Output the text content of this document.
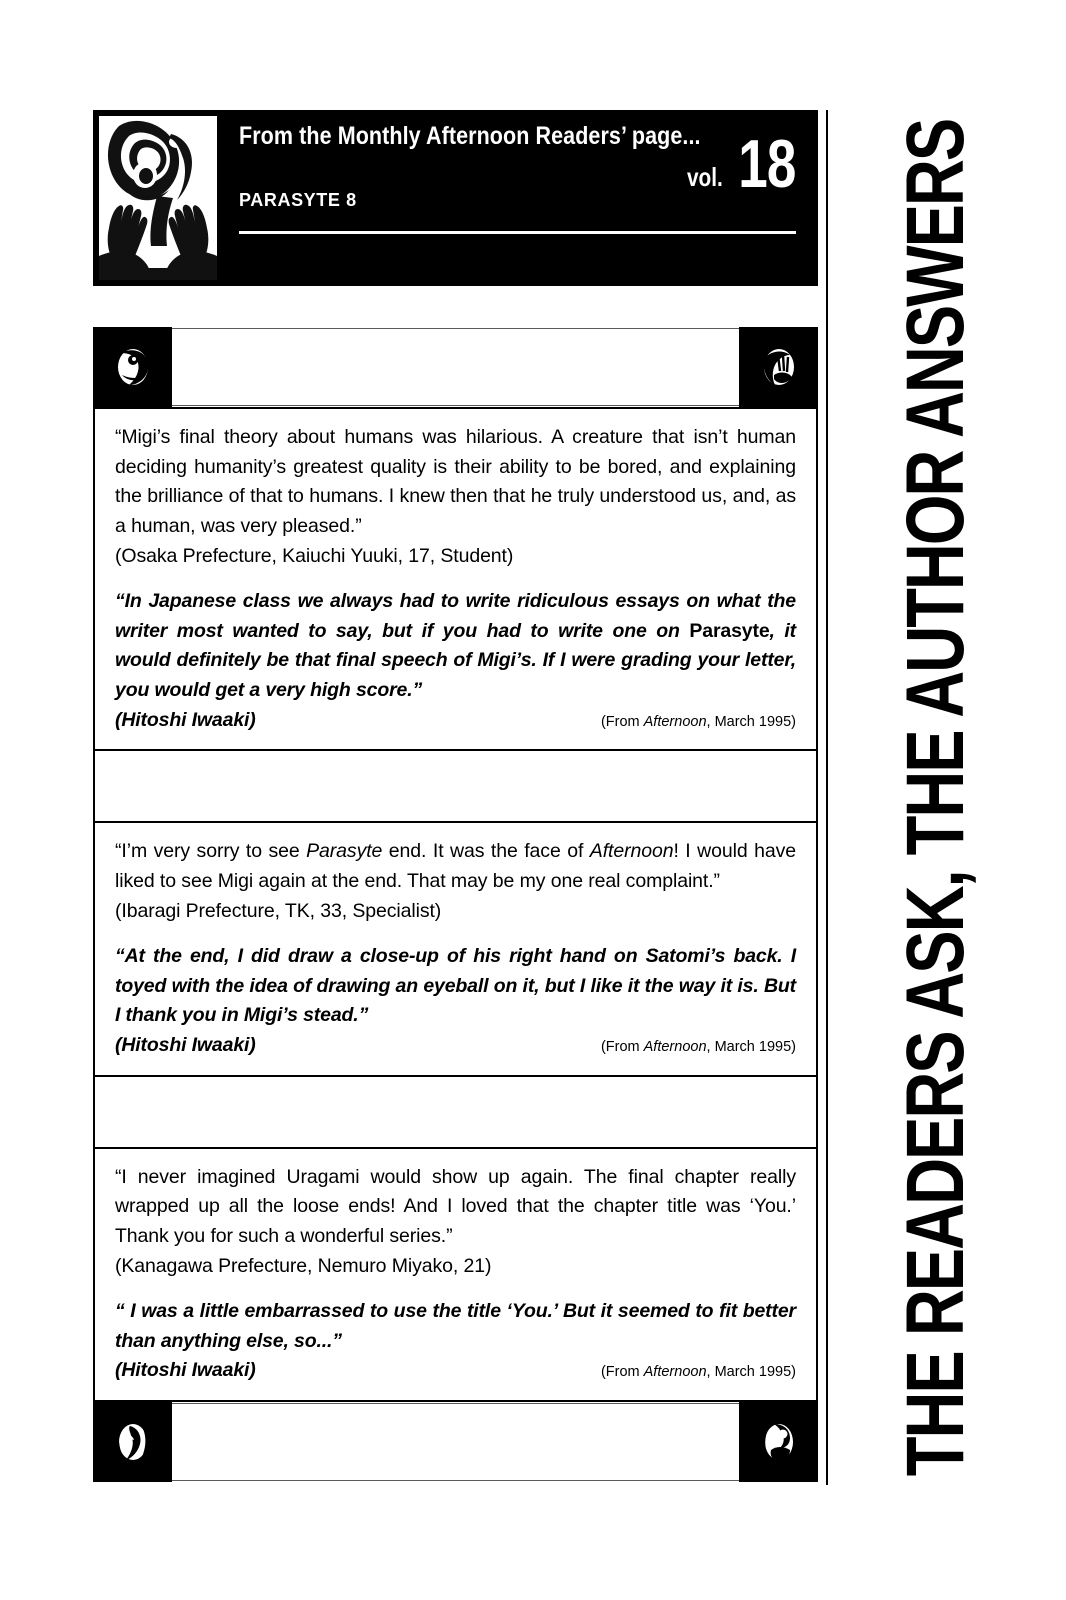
From the Monthly Afternoon Readers’ page...
PARASYTE 8
vol. 18

“Migi’s final theory about humans was hilarious. A creature that isn’t human deciding humanity’s greatest quality is their ability to be bored, and explaining the brilliance of that to humans. I knew then that he truly understood us, and, as a human, was very pleased.”

(Osaka Prefecture, Kaiuchi Yuuki, 17, Student)

“In Japanese class we always had to write ridiculous essays on what the writer most wanted to say, but if you had to write one on Parasyte, it would definitely be that final speech of Migi’s. If I were grading your letter, you would get a very high score.”

(Hitoshi Iwaaki)	(From Afternoon, March 1995)

“I’m very sorry to see Parasyte end. It was the face of Afternoon! I would have liked to see Migi again at the end. That may be my one real complaint.”

(Ibaragi Prefecture, TK, 33, Specialist)

“At the end, I did draw a close-up of his right hand on Satomi’s back. I toyed with the idea of drawing an eyeball on it, but I like it the way it is. But I thank you in Migi’s stead.”

(Hitoshi Iwaaki)	(From Afternoon, March 1995)

“I never imagined Uragami would show up again. The final chapter really wrapped up all the loose ends! And I loved that the chapter title was ‘You.’ Thank you for such a wonderful series.”

(Kanagawa Prefecture, Nemuro Miyako, 21)

“ I was a little embarrassed to use the title ‘You.’ But it seemed to fit better than anything else, so...”

(Hitoshi Iwaaki)	(From Afternoon, March 1995) THE READERS ASK, THE AUTHOR ANSWERS
